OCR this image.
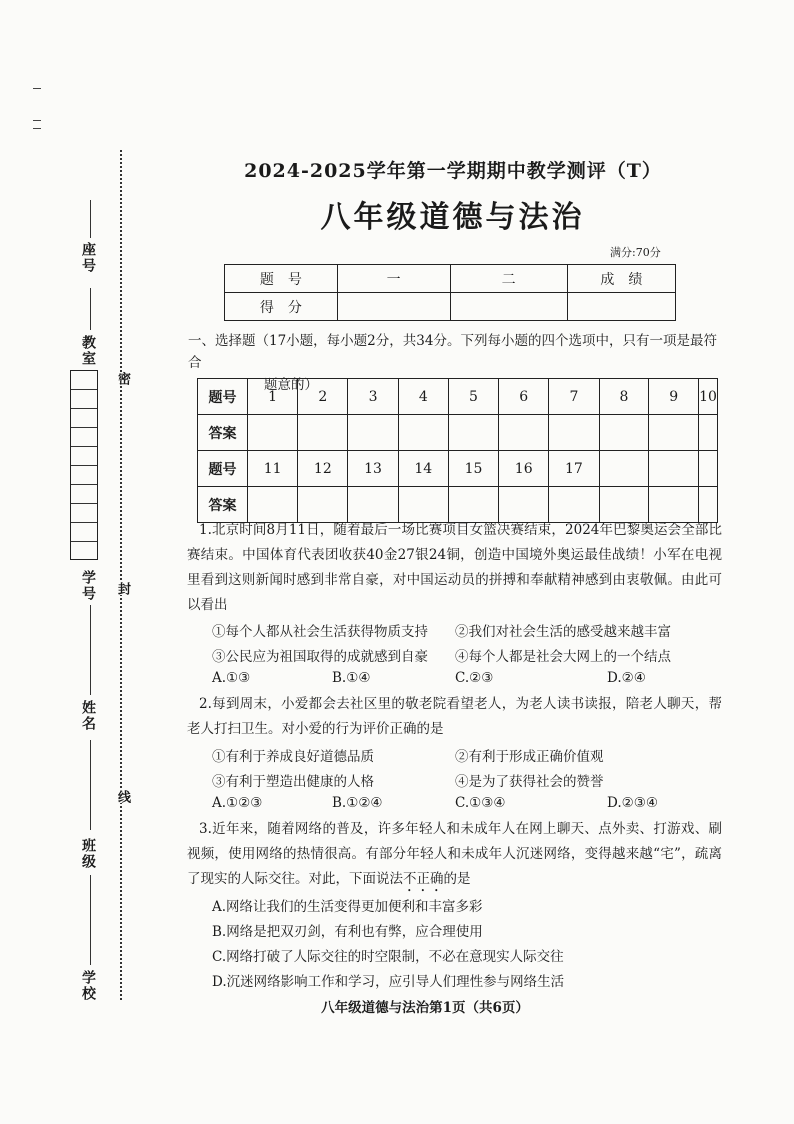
座号
教室
学号
姓名
班级
学校
密
封
线
2024-2025学年第一学期期中教学测评（T）
八年级道德与法治
满分:70分
题　号	一	二	成　绩
得　分			
一、选择题（17小题，每小题2分，共34分。下列每小题的四个选项中，只有一项是最符合
题意的）
题号	1	2	3	4	5	6	7	8	9	10
答案										
题号	11	12	13	14	15	16	17			
答案										
1.北京时间8月11日，随着最后一场比赛项目女篮决赛结束，2024年巴黎奥运会全部比赛结束。中国体育代表团收获40金27银24铜，创造中国境外奥运最佳战绩！小军在电视里看到这则新闻时感到非常自豪，对中国运动员的拼搏和奉献精神感到由衷敬佩。由此可以看出
①每个人都从社会生活获得物质支持 ②我们对社会生活的感受越来越丰富
③公民应为祖国取得的成就感到自豪 ④每个人都是社会大网上的一个结点
A.①③	B.①④	C.②③	D.②④
2.每到周末，小爱都会去社区里的敬老院看望老人，为老人读书读报，陪老人聊天，帮老人打扫卫生。对小爱的行为评价正确的是
①有利于养成良好道德品质	②有利于形成正确价值观
③有利于塑造出健康的人格	④是为了获得社会的赞誉
A.①②③	B.①②④	C.①③④	D.②③④
3.近年来，随着网络的普及，许多年轻人和未成年人在网上聊天、点外卖、打游戏、刷视频，使用网络的热情很高。有部分年轻人和未成年人沉迷网络，变得越来越“宅”，疏离了现实的人际交往。对此，下面说法不正确的是
A.网络让我们的生活变得更加便利和丰富多彩
B.网络是把双刃剑，有利也有弊，应合理使用
C.网络打破了人际交往的时空限制，不必在意现实人际交往
D.沉迷网络影响工作和学习，应引导人们理性参与网络生活
八年级道德与法治第1页（共6页）
